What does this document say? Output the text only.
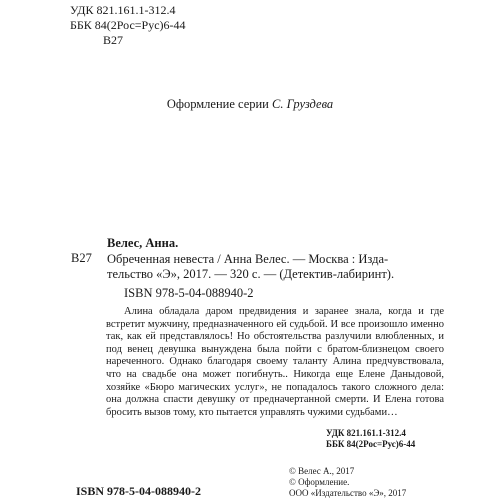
УДК 821.161.1-312.4
ББК 84(2Рос=Рус)6-44
В27
Оформление серии С. Груздева
В27
Велес, Анна.
Обреченная невеста / Анна Велес. — Москва : Изда-
тельство «Э», 2017. — 320 с. — (Детектив-лабиринт).
ISBN 978-5-04-088940-2
Алина обладала даром предвидения и заранее знала, когда и где встретит мужчину, предназначенного ей судьбой. И все произошло именно так, как ей представлялось! Но обстоятельства разлучили влюбленных, и под венец девушка вынуждена была пойти с братом-близнецом своего нареченного. Однако благодаря своему таланту Алина предчувствовала, что на свадьбе она может погибнуть.. Никогда еще Елене Даныдовой, хозяйке «Бюро магических услуг», не попадалось такого сложного дела: она должна спасти девушку от предначертанной смерти. И Елена готова бросить вызов тому, кто пытается управлять чужими судьбами…
УДК 821.161.1-312.4
ББК 84(2Рос=Рус)6-44
ISBN 978-5-04-088940-2
© Велес А., 2017
© Оформление.
ООО «Издательство «Э», 2017
